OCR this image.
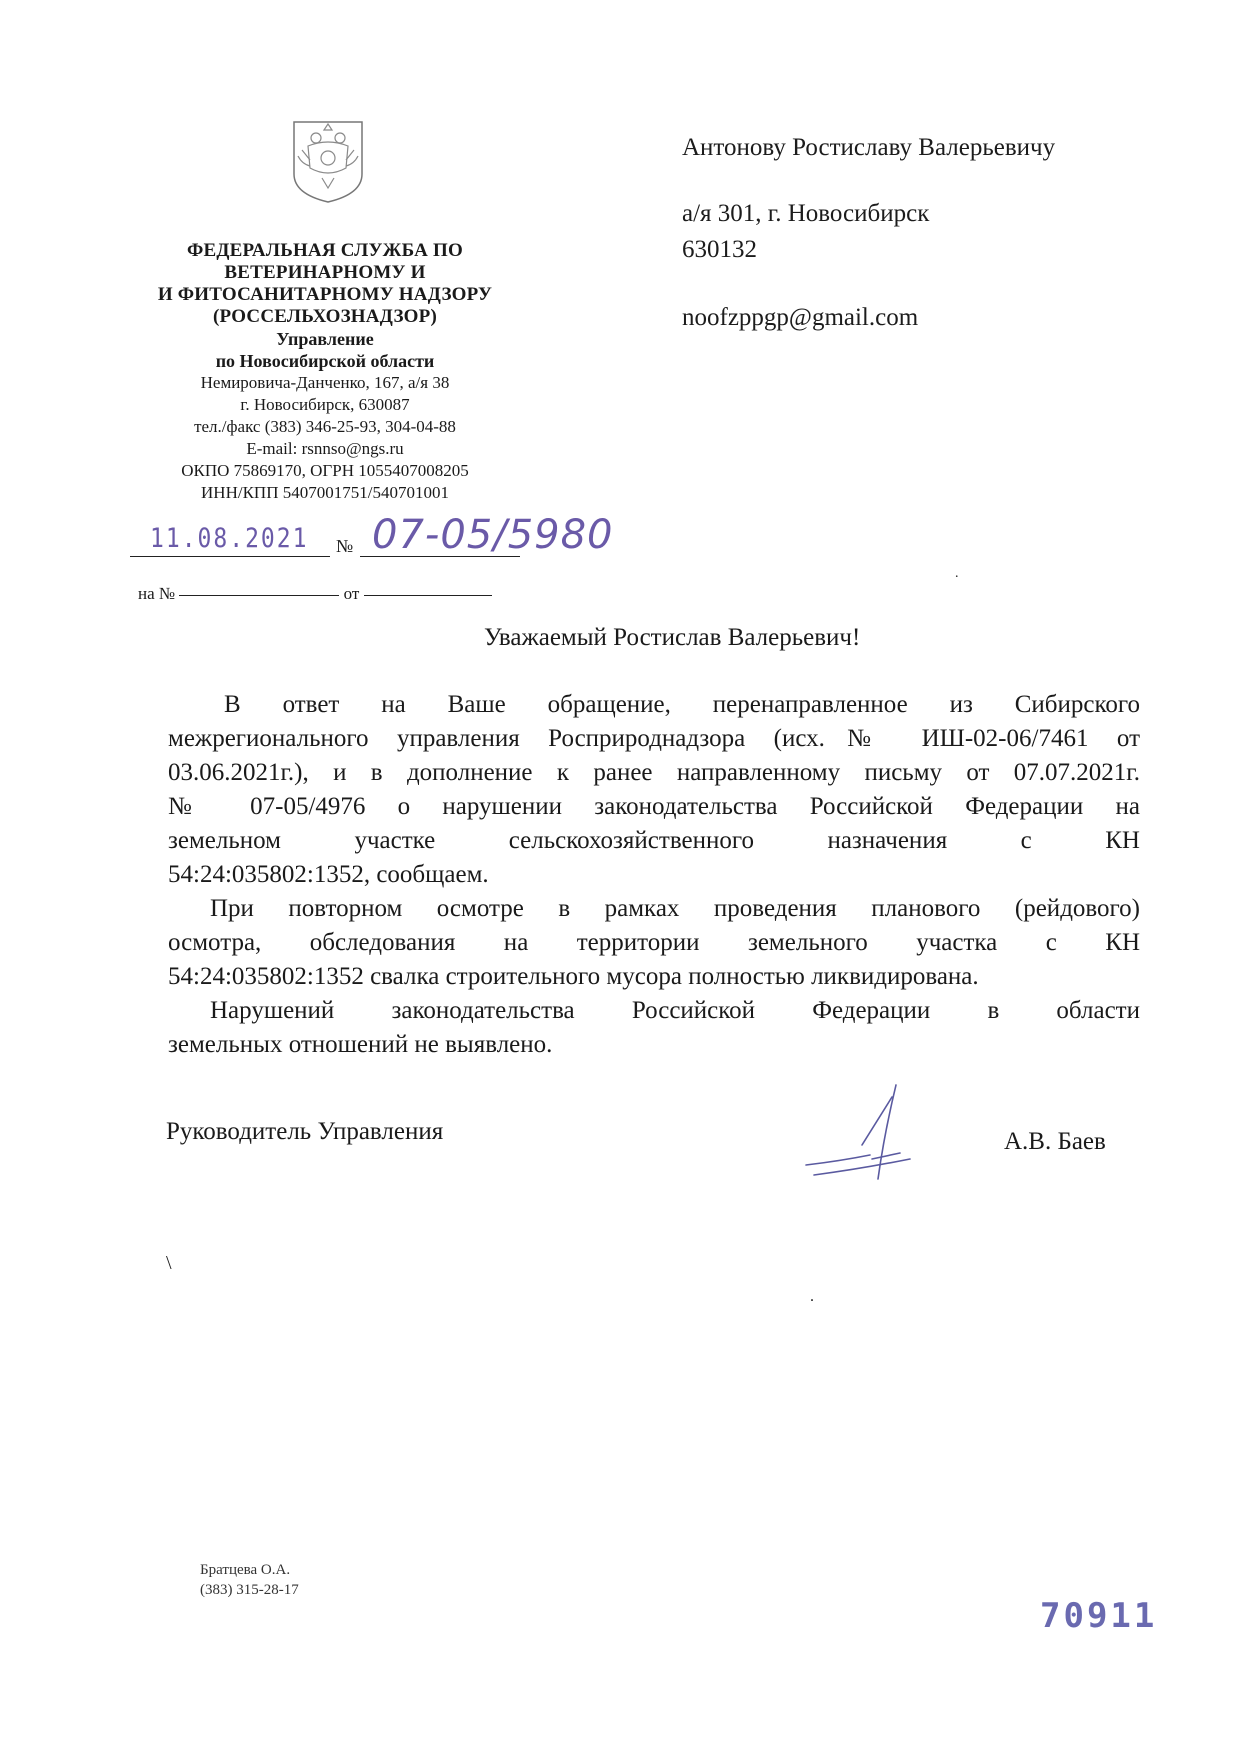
ФЕДЕРАЛЬНАЯ СЛУЖБА ПО
ВЕТЕРИНАРНОМУ И
И ФИТОСАНИТАРНОМУ НАДЗОРУ
(РОССЕЛЬХОЗНАДЗОР)
Управление
по Новосибирской области
Немировича-Данченко, 167, а/я 38
г. Новосибирск, 630087
тел./факс (383) 346-25-93, 304-04-88
E-mail: rsnnso@ngs.ru
ОКПО 75869170, ОГРН 1055407008205
ИНН/КПП 5407001751/540701001
11.08.2021 № 07-05/5980
на №	от
Антонову Ростиславу Валерьевичу
а/я 301, г. Новосибирск
630132
noofzppgp@gmail.com
Уважаемый Ростислав Валерьевич!
В ответ на Ваше обращение, перенаправленное из Сибирского
межрегионального управления Росприроднадзора (исх.№ ИШ-02-06/7461 от
03.06.2021г.), и в дополнение к ранее направленному письму от 07.07.2021г.
№ 07-05/4976 о нарушении законодательства Российской Федерации на
земельном участке сельскохозяйственного назначения с КН
54:24:035802:1352, сообщаем.
При повторном осмотре в рамках проведения планового (рейдового)
осмотра, обследования на территории земельного участка с КН
54:24:035802:1352 свалка строительного мусора полностью ликвидирована.
Нарушений законодательства Российской Федерации в области
земельных отношений не выявлено.
Руководитель Управления	А.В. Баев
\
.
.
Братцева О.А.
(383) 315-28-17
70911
